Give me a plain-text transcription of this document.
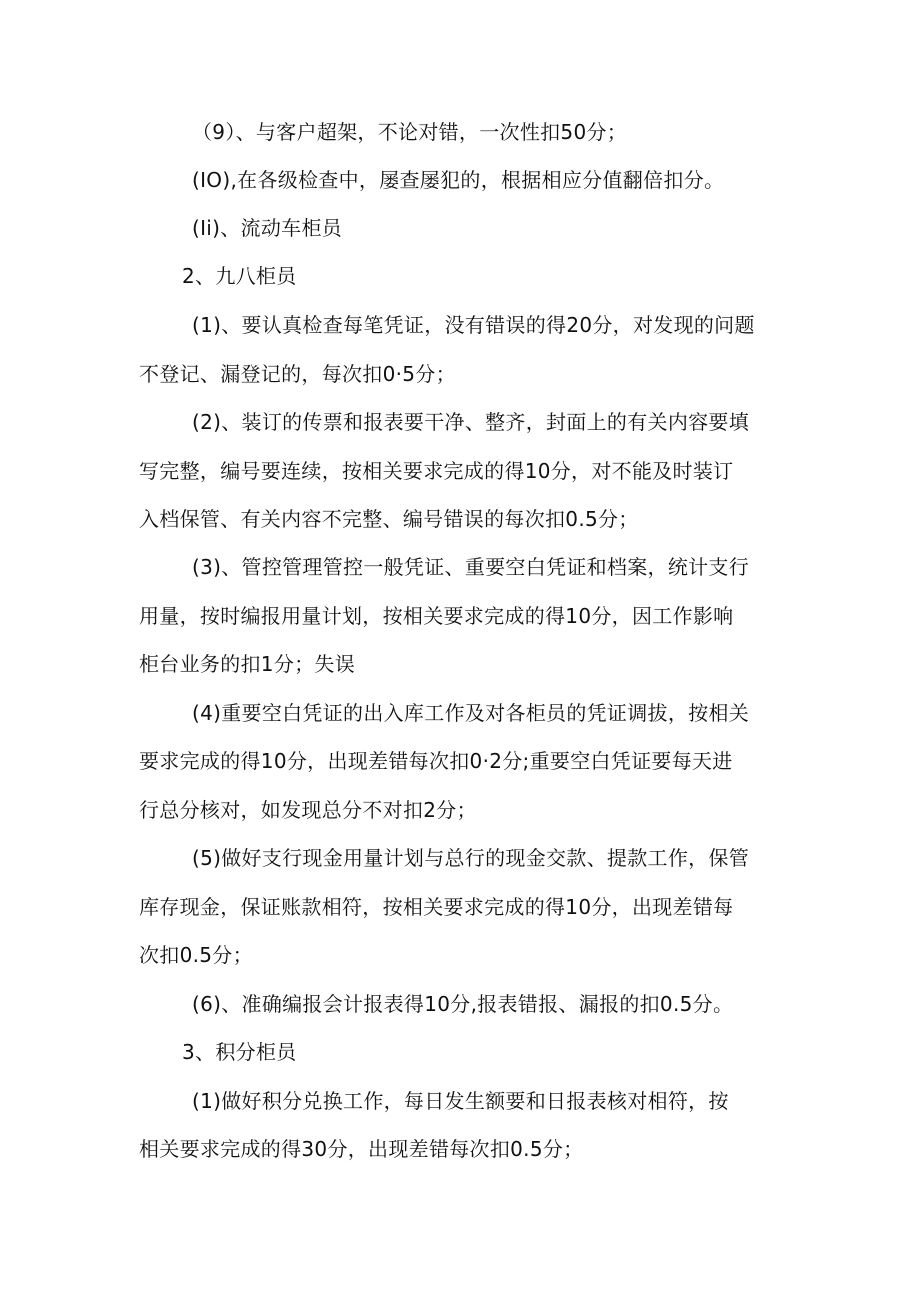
（9）、与客户超架，不论对错，一次性扣50分；
(IO),在各级检查中，屡查屡犯的，根据相应分值翻倍扣分。
(Ii)、流动车柜员
2、九八柜员
(1)、要认真检查每笔凭证，没有错误的得20分，对发现的问题
不登记、漏登记的，每次扣0·5分；
(2)、装订的传票和报表要干净、整齐，封面上的有关内容要填
写完整，编号要连续，按相关要求完成的得10分，对不能及时装订
入档保管、有关内容不完整、编号错误的每次扣0.5分；
(3)、管控管理管控一般凭证、重要空白凭证和档案，统计支行
用量，按时编报用量计划，按相关要求完成的得10分，因工作影响
柜台业务的扣1分；失误
(4)重要空白凭证的出入库工作及对各柜员的凭证调拔，按相关
要求完成的得10分，出现差错每次扣0·2分;重要空白凭证要每天进
行总分核对，如发现总分不对扣2分；
(5)做好支行现金用量计划与总行的现金交款、提款工作，保管
库存现金，保证账款相符，按相关要求完成的得10分，出现差错每
次扣0.5分；
(6)、准确编报会计报表得10分,报表错报、漏报的扣0.5分。
3、积分柜员
(1)做好积分兑换工作，每日发生额要和日报表核对相符，按
相关要求完成的得30分，出现差错每次扣0.5分；
